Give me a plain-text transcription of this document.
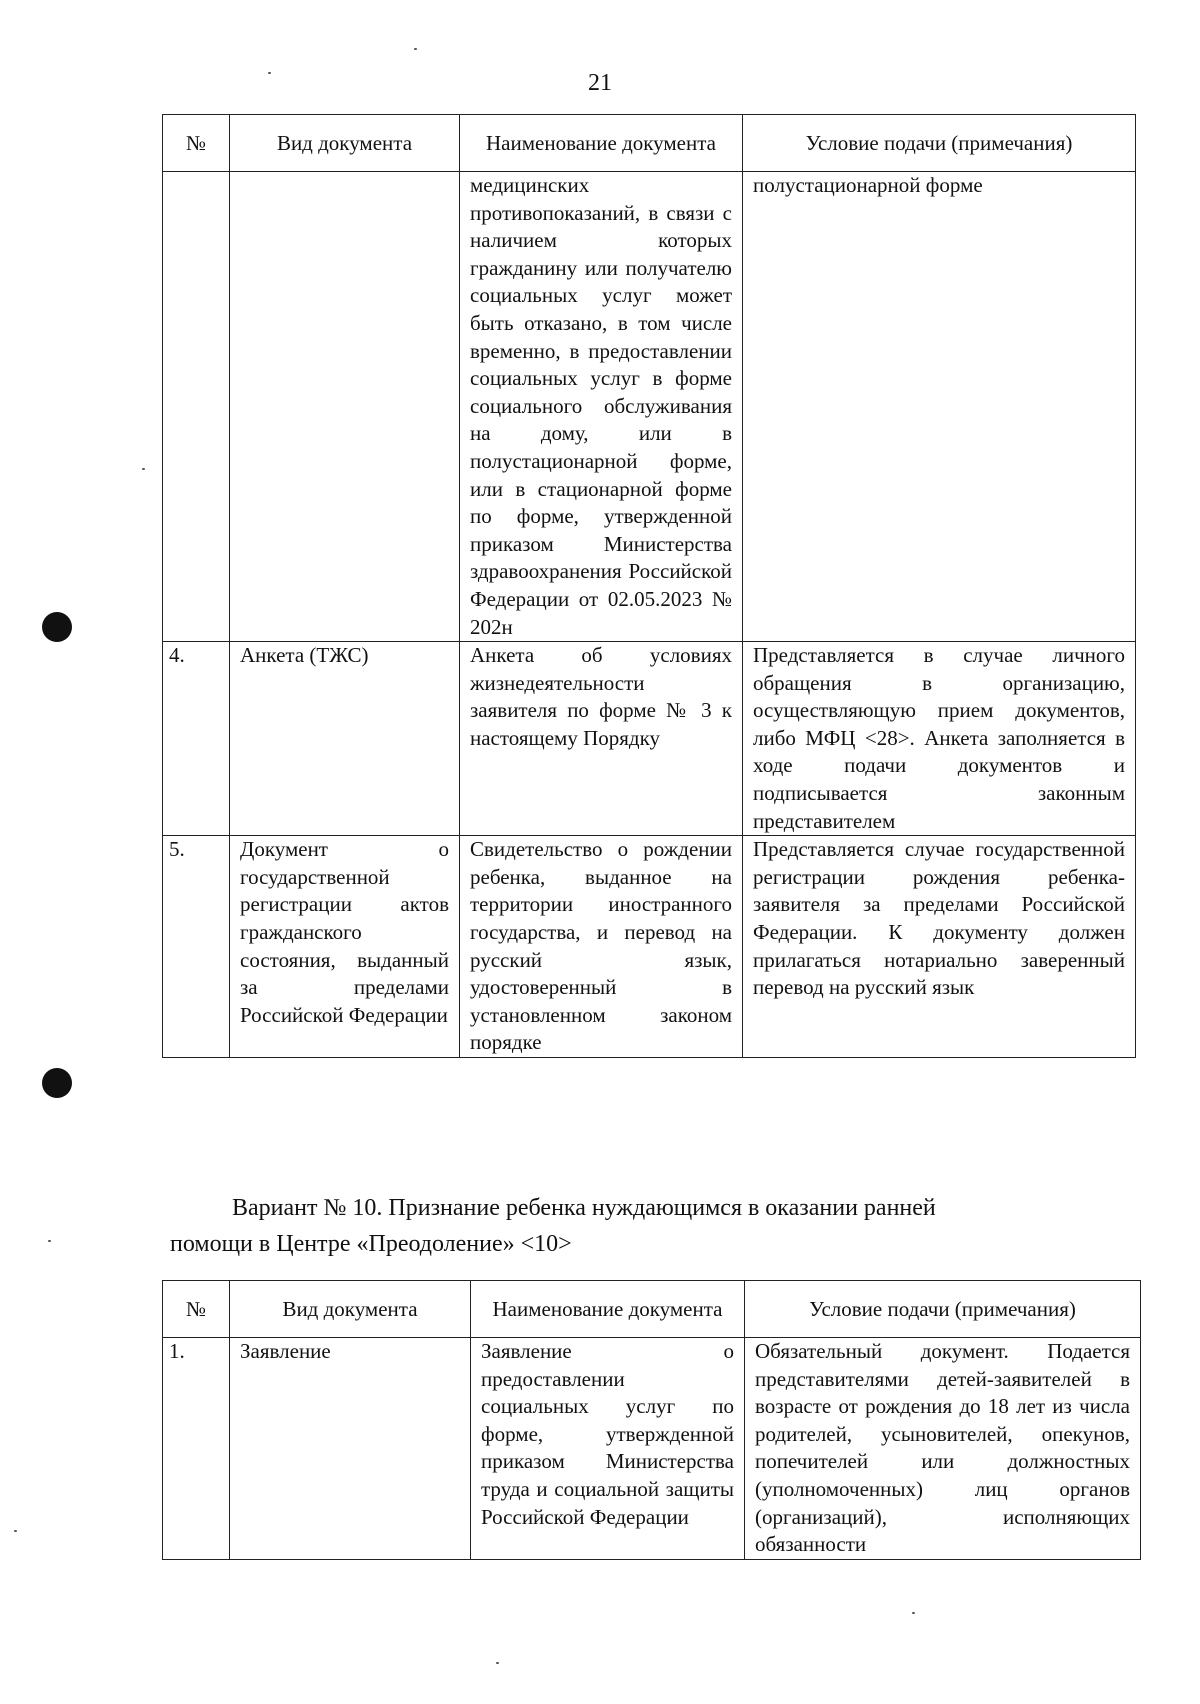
21
№	Вид документа	Наименование документа	Условие подачи (примечания)
		медицинских противопоказаний, в связи с наличием которых гражданину или получателю социальных услуг может быть отказано, в том числе временно, в предоставлении социальных услуг в форме социального обслуживания на дому, или в полустационарной форме, или в стационарной форме по форме, утвержденной приказом Министерства здравоохранения Российской Федерации от 02.05.2023 № 202н	полустационарной форме
4.	Анкета (ТЖС)	Анкета об условиях жизнедеятельности заявителя по форме № 3 к настоящему Порядку	Представляется в случае личного обращения в организацию, осуществляющую прием документов, либо МФЦ <28>. Анкета заполняется в ходе подачи документов и подписывается законным представителем
5.	Документ о государственной регистрации актов гражданского состояния, выданный за пределами Российской Федерации	Свидетельство о рождении ребенка, выданное на территории иностранного государства, и перевод на русский язык, удостоверенный в установленном законом порядке	Представляется случае государственной регистрации рождения ребенка-заявителя за пределами Российской Федерации. К документу должен прилагаться нотариально заверенный перевод на русский язык

Вариант № 10. Признание ребенка нуждающимся в оказании ранней
помощи в Центре «Преодоление» <10>

№	Вид документа	Наименование документа	Условие подачи (примечания)
1.	Заявление	Заявление о предоставлении социальных услуг по форме, утвержденной приказом Министерства труда и социальной защиты Российской Федерации	Обязательный документ. Подается представителями детей-заявителей в возрасте от рождения до 18 лет из числа родителей, усыновителей, опекунов, попечителей или должностных (уполномоченных) лиц органов (организаций), исполняющих обязанности
